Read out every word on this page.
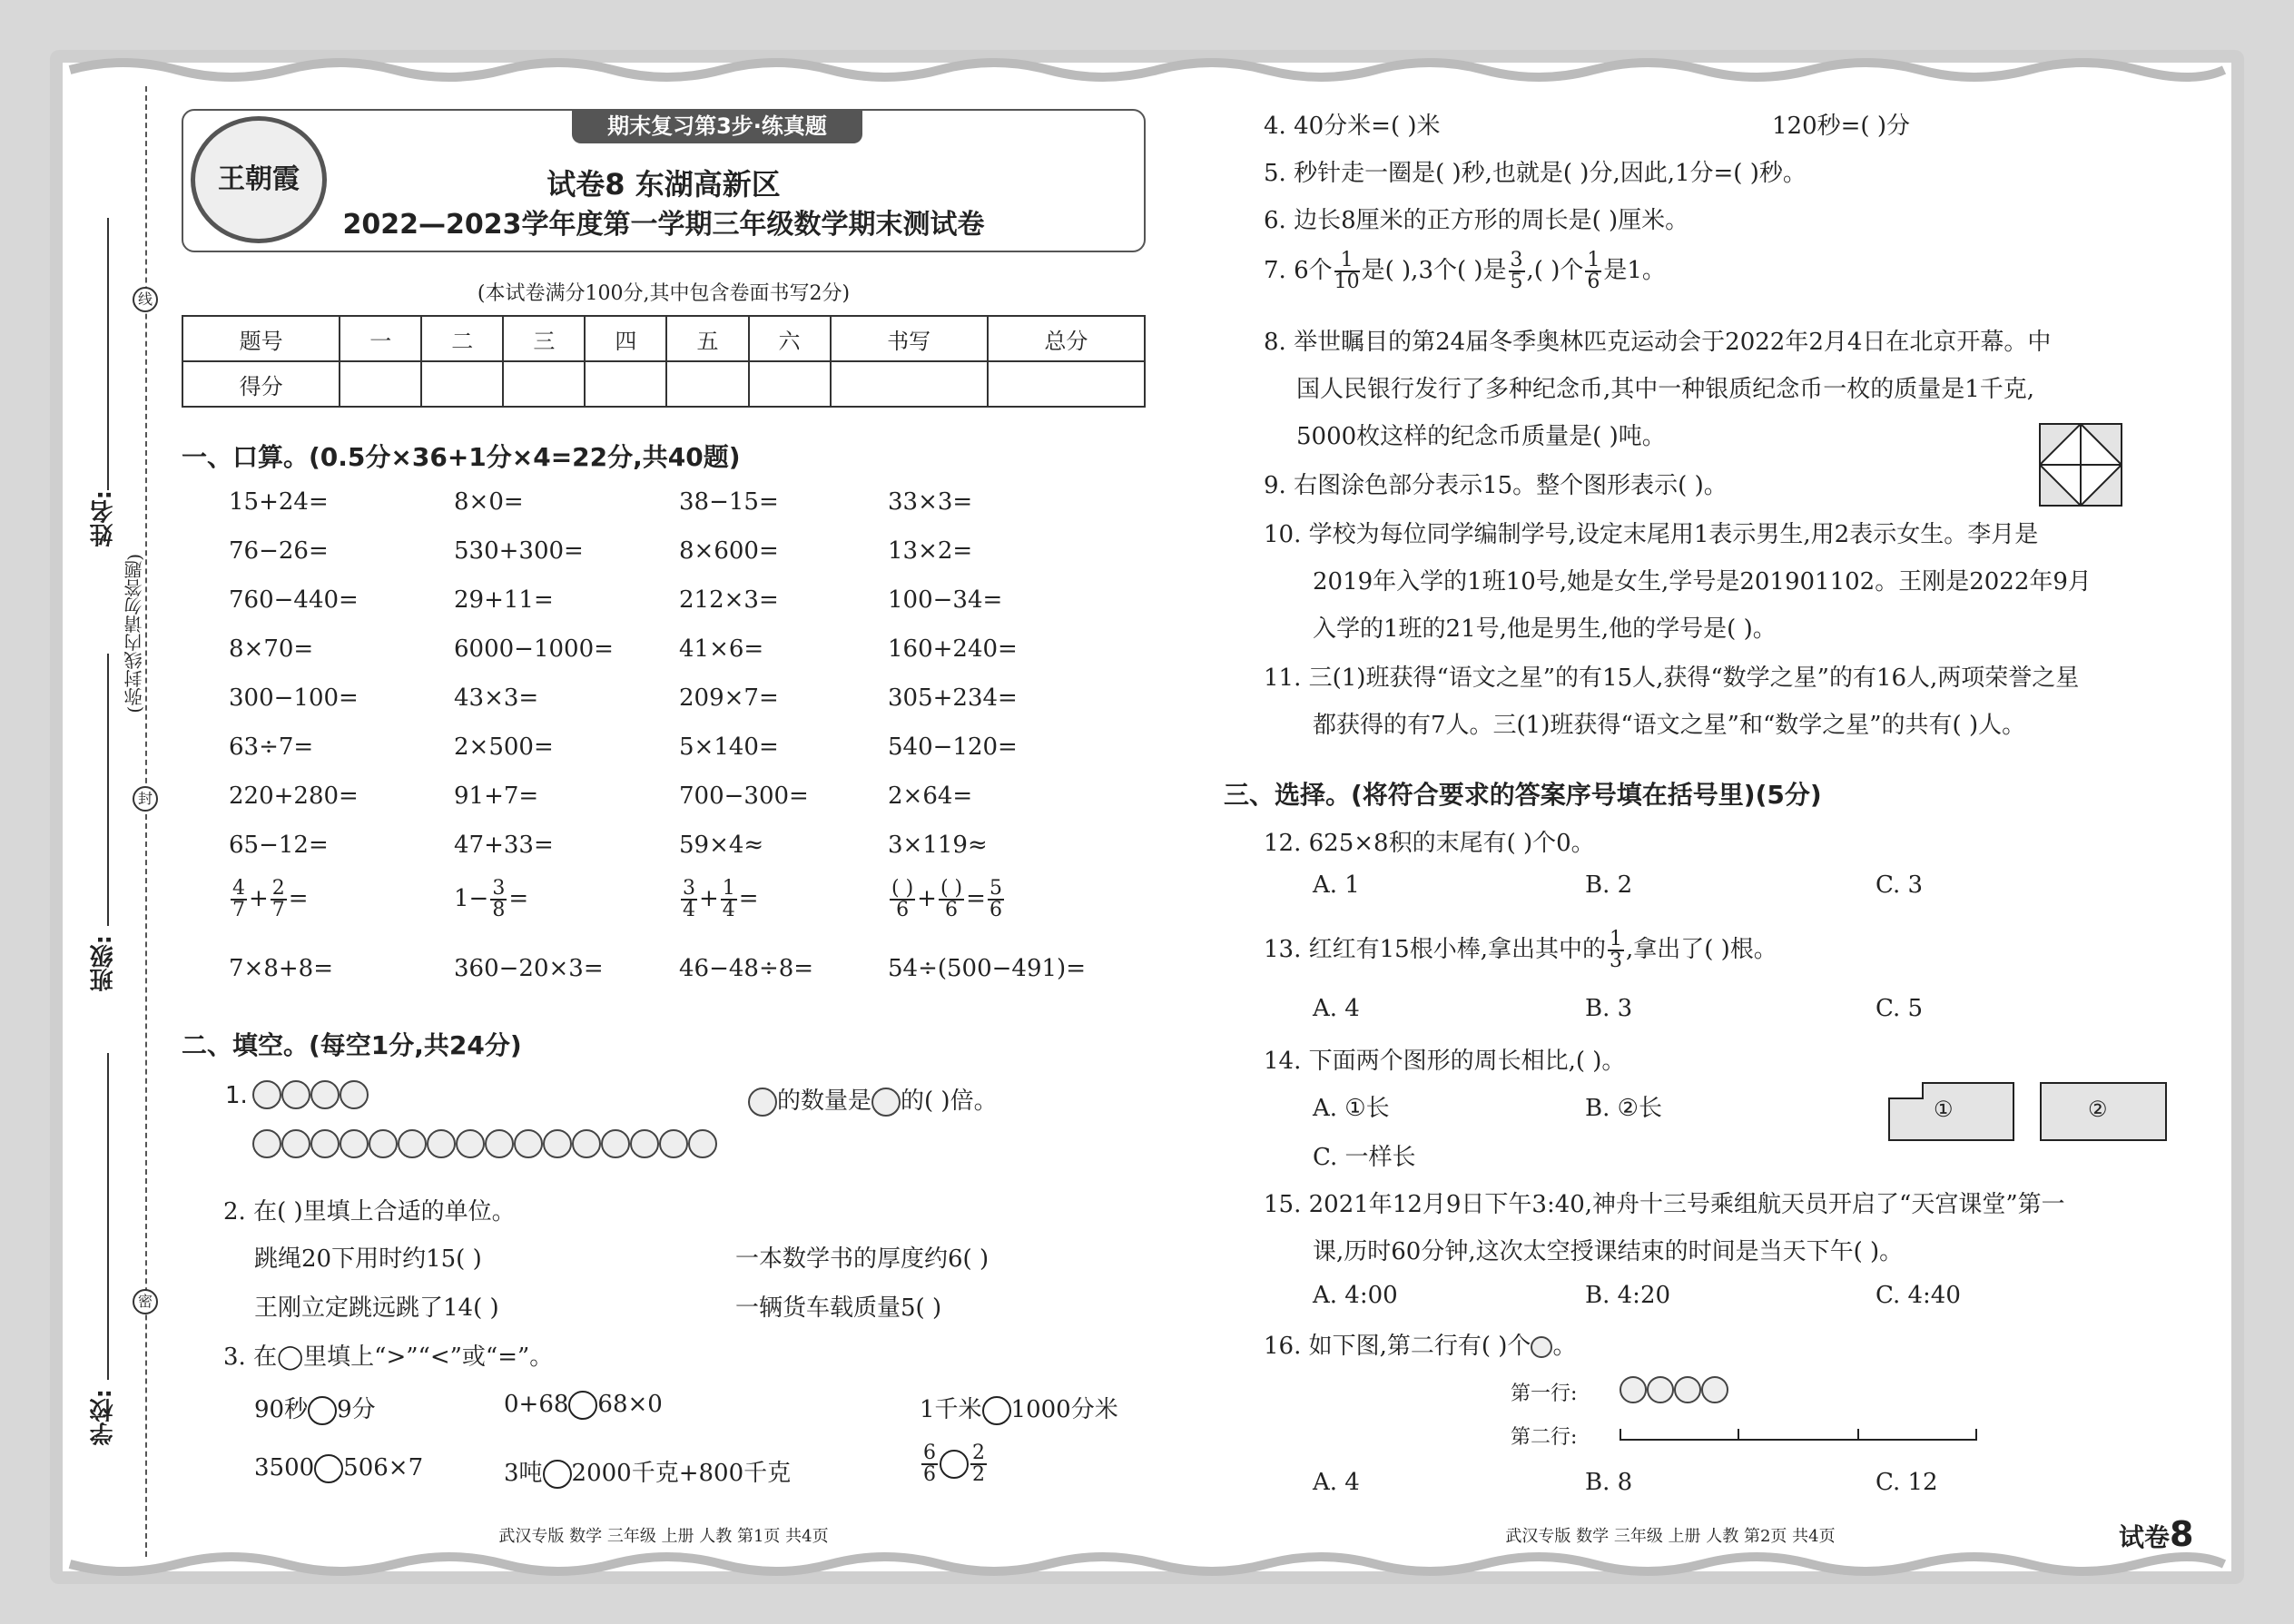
姓名:
班级:
学校:
(弥封线内请勿答题)
线
封
密
王朝霞
期末复习第3步·练真题
试卷8 东湖高新区
2022—2023学年度第一学期三年级数学期末测试卷
(本试卷满分100分,其中包含卷面书写2分)
题号	一	二	三	四	五	六	书写	总分
得分								
一、口算。(0.5分×36+1分×4=22分,共40题)
15+24=	8×0=	38−15=	33×3=
76−26=	530+300=	8×600=	13×2=
760−440=	29+11=	212×3=	100−34=
8×70=	6000−1000=	41×6=	160+240=
300−100=	43×3=	209×7=	305+234=
63÷7=	2×500=	5×140=	540−120=
220+280=	91+7=	700−300=	2×64=
65−12=	47+33=	59×4≈	3×119≈
$\frac{4}{7} + \frac{2}{7}$ =	$1- \frac{3}{8}$ =	$\frac{3}{4} + \frac{1}{4}$ =	$\frac{( )}{6} + \frac{( )}{6} = \frac{5}{6}$
7×8+8=	360−20×3=	46−48÷8=	54÷(500−491)=
二、填空。(每空1分,共24分)
1.	的数量是 的( )倍。
2. 在( )里填上合适的单位。
跳绳20下用时约15( )	一本数学书的厚度约6( )
王刚立定跳远跳了14( )	一辆货车载质量5( )
3. 在◯里填上“>”“<”或“=”。
90秒 9分	0+68 68×0	1千米 1000分米
3500 506×7	3吨 2000千克+800千克	$\frac{6}{6} \frac{2}{2}$
武汉专版 数学 三年级 上册 人教 第1页 共4页
4. 40分米=( )米	120秒=( )分
5. 秒针走一圈是( )秒,也就是( )分,因此,1分=( )秒。
6. 边长8厘米的正方形的周长是( )厘米。
7. 6个 $\frac{1}{10}$ 是( ),3个( )是 $\frac{3}{5}$ ,( )个 $\frac{1}{6}$ 是1。
8. 举世瞩目的第24届冬季奥林匹克运动会于2022年2月4日在北京开幕。中
国人民银行发行了多种纪念币,其中一种银质纪念币一枚的质量是1千克,
5000枚这样的纪念币质量是( )吨。
9. 右图涂色部分表示15。整个图形表示( )。
10. 学校为每位同学编制学号,设定末尾用1表示男生,用2表示女生。李月是
2019年入学的1班10号,她是女生,学号是201901102。王刚是2022年9月
入学的1班的21号,他是男生,他的学号是( )。
11. 三(1)班获得“语文之星”的有15人,获得“数学之星”的有16人,两项荣誉之星
都获得的有7人。三(1)班获得“语文之星”和“数学之星”的共有( )人。
三、选择。(将符合要求的答案序号填在括号里)(5分)
12. 625×8积的末尾有( )个0。
A. 1	B. 2	C. 3
13. 红红有15根小棒,拿出其中的 $\frac{1}{3}$ ,拿出了( )根。
A. 4	B. 3	C. 5
14. 下面两个图形的周长相比,( )。
A. ①长	B. ②长
C. 一样长
①	②
15. 2021年12月9日下午3:40,神舟十三号乘组航天员开启了“天宫课堂”第一
课,历时60分钟,这次太空授课结束的时间是当天下午( )。
A. 4:00	B. 4:20	C. 4:40
16. 如下图,第二行有( )个 。
第一行:
第二行:
A. 4	B. 8	C. 12
武汉专版 数学 三年级 上册 人教 第2页 共4页	试卷8
